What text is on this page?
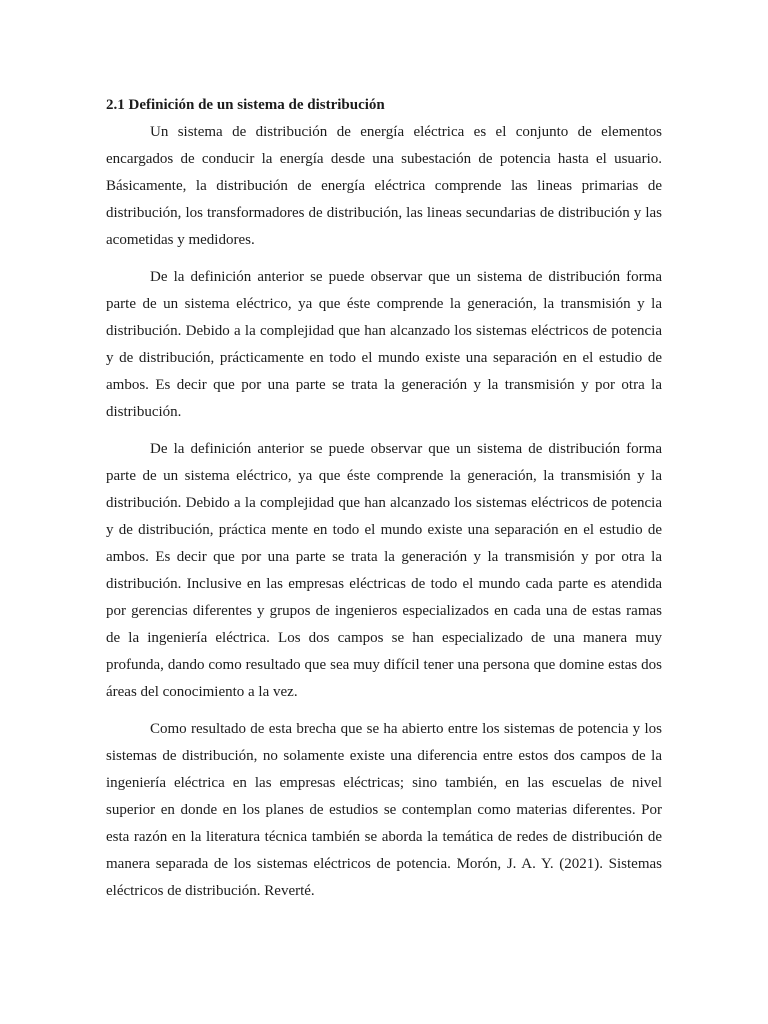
2.1 Definición de un sistema de distribución

Un sistema de distribución de energía eléctrica es el conjunto de elementos encargados de conducir la energía desde una subestación de potencia hasta el usuario. Básicamente, la distribución de energía eléctrica comprende las lineas primarias de distribución, los transformadores de distribución, las lineas secundarias de distribución y las acometidas y medidores.

De la definición anterior se puede observar que un sistema de distribución forma parte de un sistema eléctrico, ya que éste comprende la generación, la transmisión y la distribución. Debido a la complejidad que han alcanzado los sistemas eléctricos de potencia y de distribución, prácticamente en todo el mundo existe una separación en el estudio de ambos. Es decir que por una parte se trata la generación y la transmisión y por otra la distribución.

De la definición anterior se puede observar que un sistema de distribución forma parte de un sistema eléctrico, ya que éste comprende la generación, la transmisión y la distribución. Debido a la complejidad que han alcanzado los sistemas eléctricos de potencia y de distribución, práctica mente en todo el mundo existe una separación en el estudio de ambos. Es decir que por una parte se trata la generación y la transmisión y por otra la distribución. Inclusive en las empresas eléctricas de todo el mundo cada parte es atendida por gerencias diferentes y grupos de ingenieros especializados en cada una de estas ramas de la ingeniería eléctrica. Los dos campos se han especializado de una manera muy profunda, dando como resultado que sea muy difícil tener una persona que domine estas dos áreas del conocimiento a la vez.

Como resultado de esta brecha que se ha abierto entre los sistemas de potencia y los sistemas de distribución, no solamente existe una diferencia entre estos dos campos de la ingeniería eléctrica en las empresas eléctricas; sino también, en las escuelas de nivel superior en donde en los planes de estudios se contemplan como materias diferentes. Por esta razón en la literatura técnica también se aborda la temática de redes de distribución de manera separada de los sistemas eléctricos de potencia. Morón, J. A. Y. (2021). Sistemas eléctricos de distribución. Reverté.
